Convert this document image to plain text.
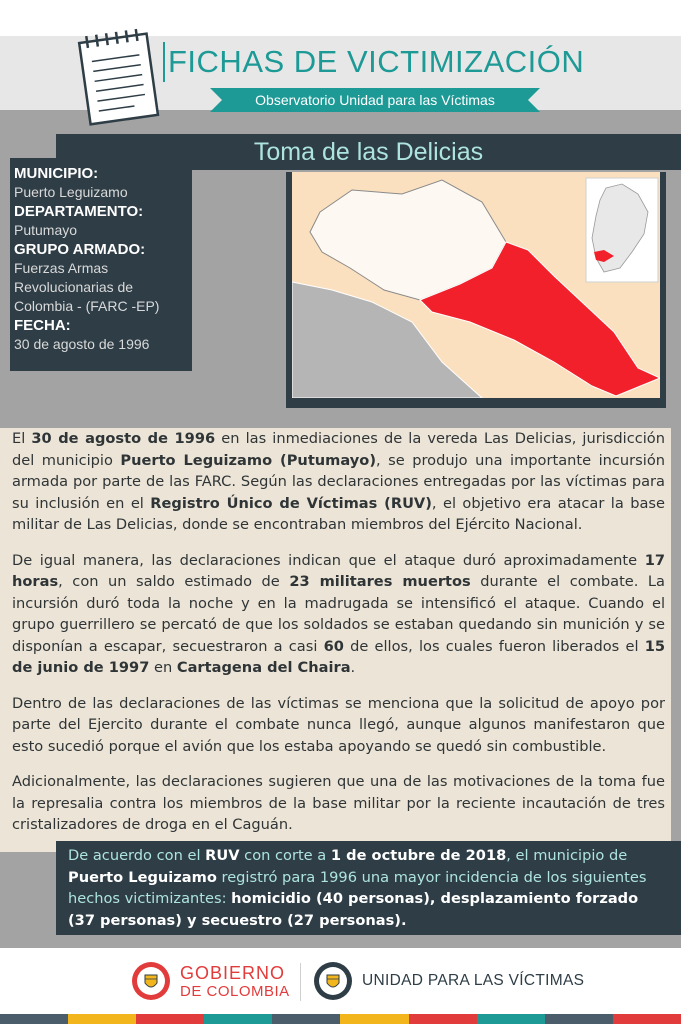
FICHAS DE VICTIMIZACIÓN
Observatorio Unidad para las Víctimas
Toma de las Delicias
MUNICIPIO:
Puerto Leguizamo
DEPARTAMENTO:
Putumayo
GRUPO ARMADO:
Fuerzas Armas
Revolucionarias de
Colombia - (FARC -EP)
FECHA:
30 de agosto de 1996

El 30 de agosto de 1996 en las inmediaciones de la vereda Las Delicias, jurisdicción del municipio Puerto Leguizamo (Putumayo), se produjo una importante incursión armada por parte de las FARC. Según las declaraciones entregadas por las víctimas para su inclusión en el Registro Único de Víctimas (RUV), el objetivo era atacar la base militar de Las Delicias, donde se encontraban miembros del Ejército Nacional.

De igual manera, las declaraciones indican que el ataque duró aproximadamente 17 horas, con un saldo estimado de 23 militares muertos durante el combate. La incursión duró toda la noche y en la madrugada se intensificó el ataque. Cuando el grupo guerrillero se percató de que los soldados se estaban quedando sin munición y se disponían a escapar, secuestraron a casi 60 de ellos, los cuales fueron liberados el 15 de junio de 1997 en Cartagena del Chaira.

Dentro de las declaraciones de las víctimas se menciona que la solicitud de apoyo por parte del Ejercito durante el combate nunca llegó, aunque algunos manifestaron que esto sucedió porque el avión que los estaba apoyando se quedó sin combustible.

Adicionalmente, las declaraciones sugieren que una de las motivaciones de la toma fue la represalia contra los miembros de la base militar por la reciente incautación de tres cristalizadores de droga en el Caguán.

De acuerdo con el RUV con corte a 1 de octubre de 2018, el municipio de Puerto Leguizamo registró para 1996 una mayor incidencia de los siguientes hechos victimizantes: homicidio (40 personas), desplazamiento forzado (37 personas) y secuestro (27 personas).
GOBIERNO
DE COLOMBIA
UNIDAD PARA LAS VÍCTIMAS
